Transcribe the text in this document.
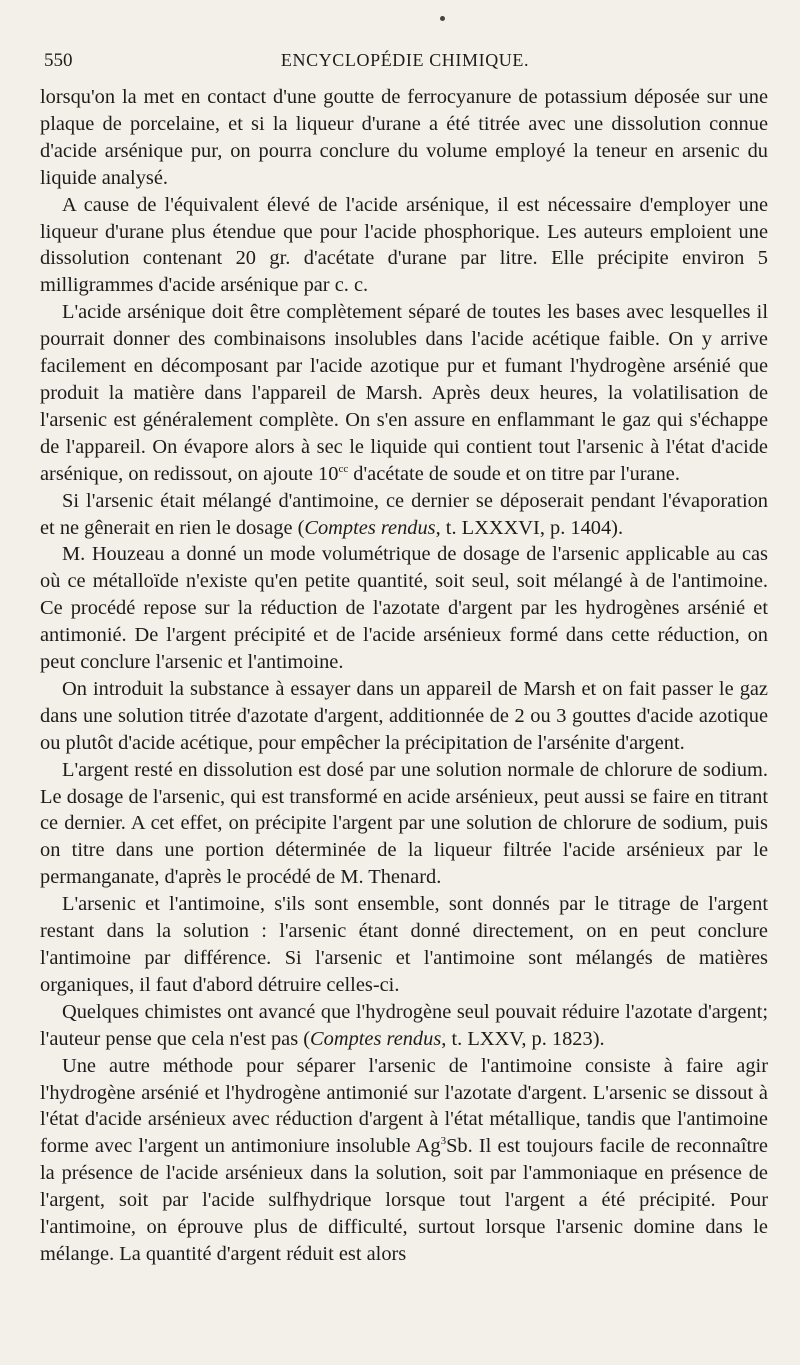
550	ENCYCLOPÉDIE CHIMIQUE.

lorsqu'on la met en contact d'une goutte de ferrocyanure de potassium déposée sur une plaque de porcelaine, et si la liqueur d'urane a été titrée avec une dissolution connue d'acide arsénique pur, on pourra conclure du volume employé la teneur en arsenic du liquide analysé.

A cause de l'équivalent élevé de l'acide arsénique, il est nécessaire d'employer une liqueur d'urane plus étendue que pour l'acide phosphorique. Les auteurs emploient une dissolution contenant 20 gr. d'acétate d'urane par litre. Elle précipite environ 5 milligrammes d'acide arsénique par c. c.

L'acide arsénique doit être complètement séparé de toutes les bases avec lesquelles il pourrait donner des combinaisons insolubles dans l'acide acétique faible. On y arrive facilement en décomposant par l'acide azotique pur et fumant l'hydrogène arsénié que produit la matière dans l'appareil de Marsh. Après deux heures, la volatilisation de l'arsenic est généralement complète. On s'en assure en enflammant le gaz qui s'échappe de l'appareil. On évapore alors à sec le liquide qui contient tout l'arsenic à l'état d'acide arsénique, on redissout, on ajoute $10^{cc}$ d'acétate de soude et on titre par l'urane.

Si l'arsenic était mélangé d'antimoine, ce dernier se déposerait pendant l'évaporation et ne gênerait en rien le dosage (Comptes rendus, t. LXXXVI, p. 1404).

M. Houzeau a donné un mode volumétrique de dosage de l'arsenic applicable au cas où ce métalloïde n'existe qu'en petite quantité, soit seul, soit mélangé à de l'antimoine. Ce procédé repose sur la réduction de l'azotate d'argent par les hydrogènes arsénié et antimonié. De l'argent précipité et de l'acide arsénieux formé dans cette réduction, on peut conclure l'arsenic et l'antimoine.

On introduit la substance à essayer dans un appareil de Marsh et on fait passer le gaz dans une solution titrée d'azotate d'argent, additionnée de 2 ou 3 gouttes d'acide azotique ou plutôt d'acide acétique, pour empêcher la précipitation de l'arsénite d'argent.

L'argent resté en dissolution est dosé par une solution normale de chlorure de sodium. Le dosage de l'arsenic, qui est transformé en acide arsénieux, peut aussi se faire en titrant ce dernier. A cet effet, on précipite l'argent par une solution de chlorure de sodium, puis on titre dans une portion déterminée de la liqueur filtrée l'acide arsénieux par le permanganate, d'après le procédé de M. Thenard.

L'arsenic et l'antimoine, s'ils sont ensemble, sont donnés par le titrage de l'argent restant dans la solution : l'arsenic étant donné directement, on en peut conclure l'antimoine par différence. Si l'arsenic et l'antimoine sont mélangés de matières organiques, il faut d'abord détruire celles-ci.

Quelques chimistes ont avancé que l'hydrogène seul pouvait réduire l'azotate d'argent; l'auteur pense que cela n'est pas (Comptes rendus, t. LXXV, p. 1823).

Une autre méthode pour séparer l'arsenic de l'antimoine consiste à faire agir l'hydrogène arsénié et l'hydrogène antimonié sur l'azotate d'argent. L'arsenic se dissout à l'état d'acide arsénieux avec réduction d'argent à l'état métallique, tandis que l'antimoine forme avec l'argent un antimoniure insoluble Ag$^3$Sb. Il est toujours facile de reconnaître la présence de l'acide arsénieux dans la solution, soit par l'ammoniaque en présence de l'argent, soit par l'acide sulfhydrique lorsque tout l'argent a été précipité. Pour l'antimoine, on éprouve plus de difficulté, surtout lorsque l'arsenic domine dans le mélange. La quantité d'argent réduit est alors
